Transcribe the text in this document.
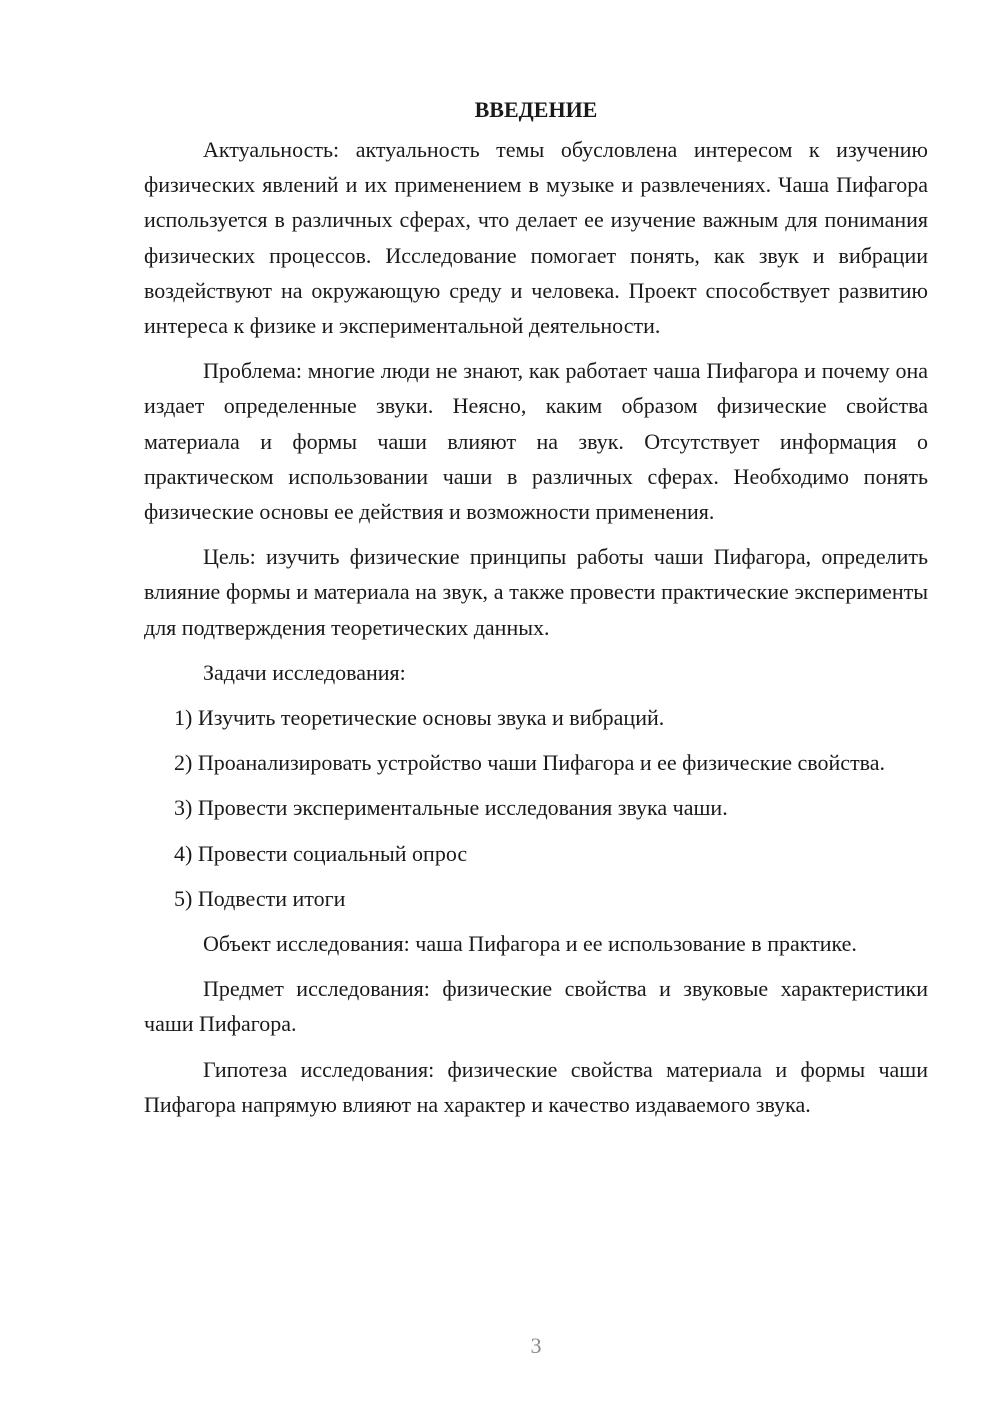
ВВЕДЕНИЕ

Актуальность: актуальность темы обусловлена интересом к изучению физических явлений и их применением в музыке и развлечениях. Чаша Пифагора используется в различных сферах, что делает ее изучение важным для понимания физических процессов. Исследование помогает понять, как звук и вибрации воздействуют на окружающую среду и человека. Проект способствует развитию интереса к физике и экспериментальной деятельности.

Проблема: многие люди не знают, как работает чаша Пифагора и почему она издает определенные звуки. Неясно, каким образом физические свойства материала и формы чаши влияют на звук. Отсутствует информация о практическом использовании чаши в различных сферах. Необходимо понять физические основы ее действия и возможности применения.

Цель: изучить физические принципы работы чаши Пифагора, определить влияние формы и материала на звук, а также провести практические эксперименты для подтверждения теоретических данных.

Задачи исследования:

1) Изучить теоретические основы звука и вибраций.

2) Проанализировать устройство чаши Пифагора и ее физические свойства.

3) Провести экспериментальные исследования звука чаши.

4) Провести социальный опрос

5) Подвести итоги

Объект исследования: чаша Пифагора и ее использование в практике.

Предмет исследования: физические свойства и звуковые характеристики чаши Пифагора.

Гипотеза исследования: физические свойства материала и формы чаши Пифагора напрямую влияют на характер и качество издаваемого звука.

3
